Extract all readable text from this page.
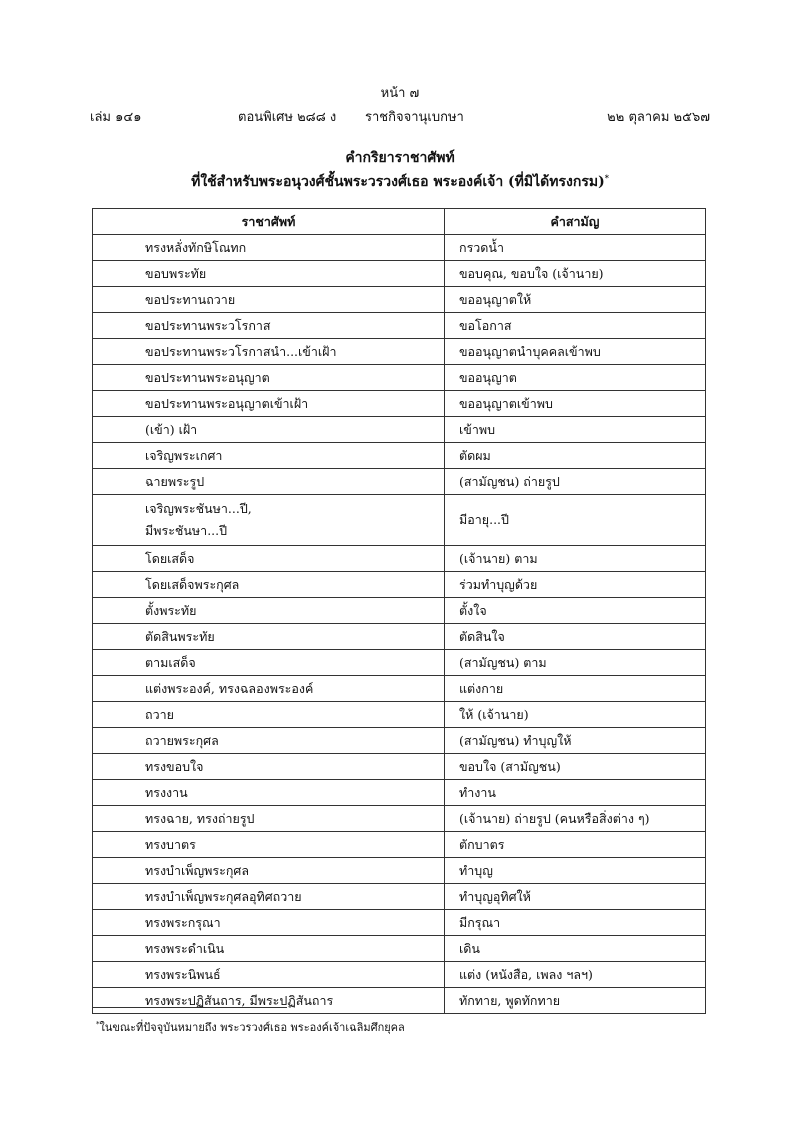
หน้า ๗
เล่ม ๑๔๑	ตอนพิเศษ ๒๘๘ ง ราชกิจจานุเบกษา	๒๒ ตุลาคม ๒๕๖๗
คำกริยาราชาศัพท์
ที่ใช้สำหรับพระอนุวงศ์ชั้นพระวรวงศ์เธอ พระองค์เจ้า (ที่มิได้ทรงกรม)*
ราชาศัพท์	คำสามัญ
ทรงหลั่งทักษิโณทก	กรวดน้ำ
ขอบพระทัย	ขอบคุณ, ขอบใจ (เจ้านาย)
ขอประทานถวาย	ขออนุญาตให้
ขอประทานพระวโรกาส	ขอโอกาส
ขอประทานพระวโรกาสนำ...เข้าเฝ้า	ขออนุญาตนำบุคคลเข้าพบ
ขอประทานพระอนุญาต	ขออนุญาต
ขอประทานพระอนุญาตเข้าเฝ้า	ขออนุญาตเข้าพบ
(เข้า) เฝ้า	เข้าพบ
เจริญพระเกศา	ตัดผม
ฉายพระรูป	(สามัญชน) ถ่ายรูป
เจริญพระชันษา...ปี,
มีพระชันษา...ปี	มีอายุ...ปี
โดยเสด็จ	(เจ้านาย) ตาม
โดยเสด็จพระกุศล	ร่วมทำบุญด้วย
ตั้งพระทัย	ตั้งใจ
ตัดสินพระทัย	ตัดสินใจ
ตามเสด็จ	(สามัญชน) ตาม
แต่งพระองค์, ทรงฉลองพระองค์	แต่งกาย
ถวาย	ให้ (เจ้านาย)
ถวายพระกุศล	(สามัญชน) ทำบุญให้
ทรงขอบใจ	ขอบใจ (สามัญชน)
ทรงงาน	ทำงาน
ทรงฉาย, ทรงถ่ายรูป	(เจ้านาย) ถ่ายรูป (คนหรือสิ่งต่าง ๆ)
ทรงบาตร	ตักบาตร
ทรงบำเพ็ญพระกุศล	ทำบุญ
ทรงบำเพ็ญพระกุศลอุทิศถวาย	ทำบุญอุทิศให้
ทรงพระกรุณา	มีกรุณา
ทรงพระดำเนิน	เดิน
ทรงพระนิพนธ์	แต่ง (หนังสือ, เพลง ฯลฯ)
ทรงพระปฏิสันถาร, มีพระปฏิสันถาร	ทักทาย, พูดทักทาย
*ในขณะที่ปัจจุบันหมายถึง พระวรวงศ์เธอ พระองค์เจ้าเฉลิมศึกยุคล
